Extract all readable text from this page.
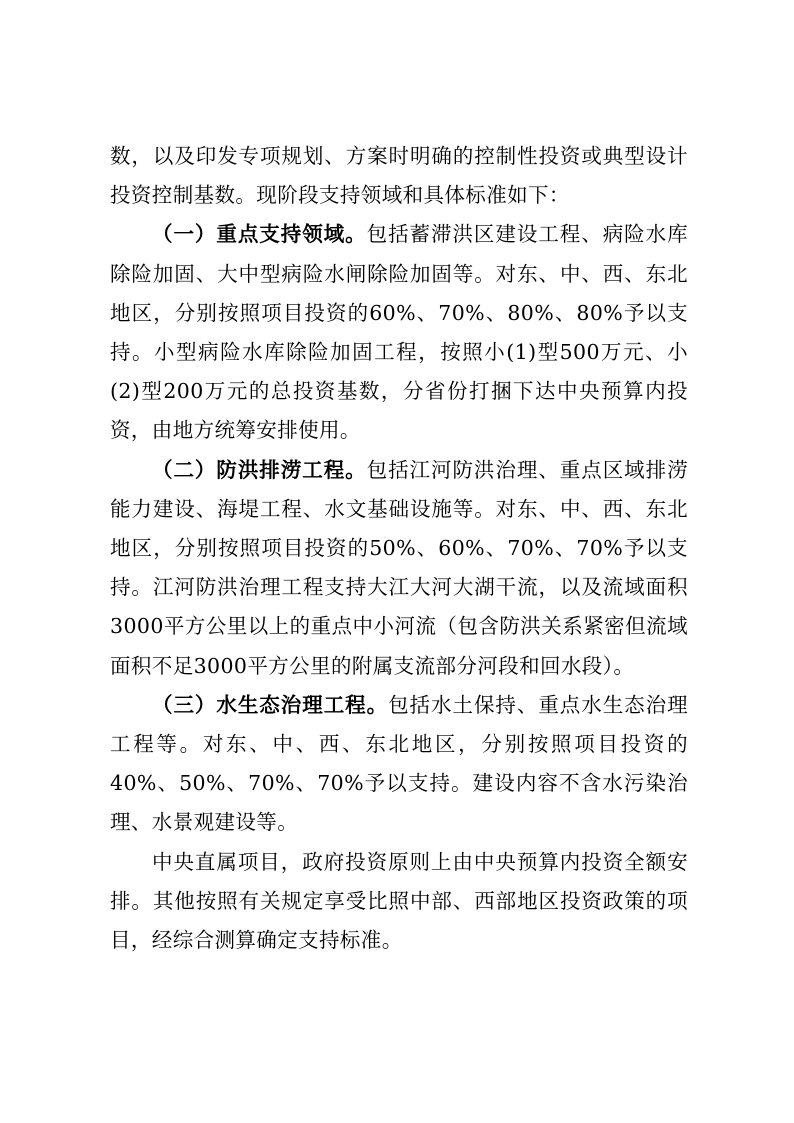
数，以及印发专项规划、方案时明确的控制性投资或典型设计投资控制基数。现阶段支持领域和具体标准如下：

（一）重点支持领域。包括蓄滞洪区建设工程、病险水库除险加固、大中型病险水闸除险加固等。对东、中、西、东北地区，分别按照项目投资的60%、70%、80%、80%予以支持。小型病险水库除险加固工程，按照小(1)型500万元、小(2)型200万元的总投资基数，分省份打捆下达中央预算内投资，由地方统筹安排使用。

（二）防洪排涝工程。包括江河防洪治理、重点区域排涝能力建设、海堤工程、水文基础设施等。对东、中、西、东北地区，分别按照项目投资的50%、60%、70%、70%予以支持。江河防洪治理工程支持大江大河大湖干流，以及流域面积3000平方公里以上的重点中小河流（包含防洪关系紧密但流域面积不足3000平方公里的附属支流部分河段和回水段）。

（三）水生态治理工程。包括水土保持、重点水生态治理工程等。对东、中、西、东北地区，分别按照项目投资的40%、50%、70%、70%予以支持。建设内容不含水污染治理、水景观建设等。

中央直属项目，政府投资原则上由中央预算内投资全额安排。其他按照有关规定享受比照中部、西部地区投资政策的项目，经综合测算确定支持标准。
